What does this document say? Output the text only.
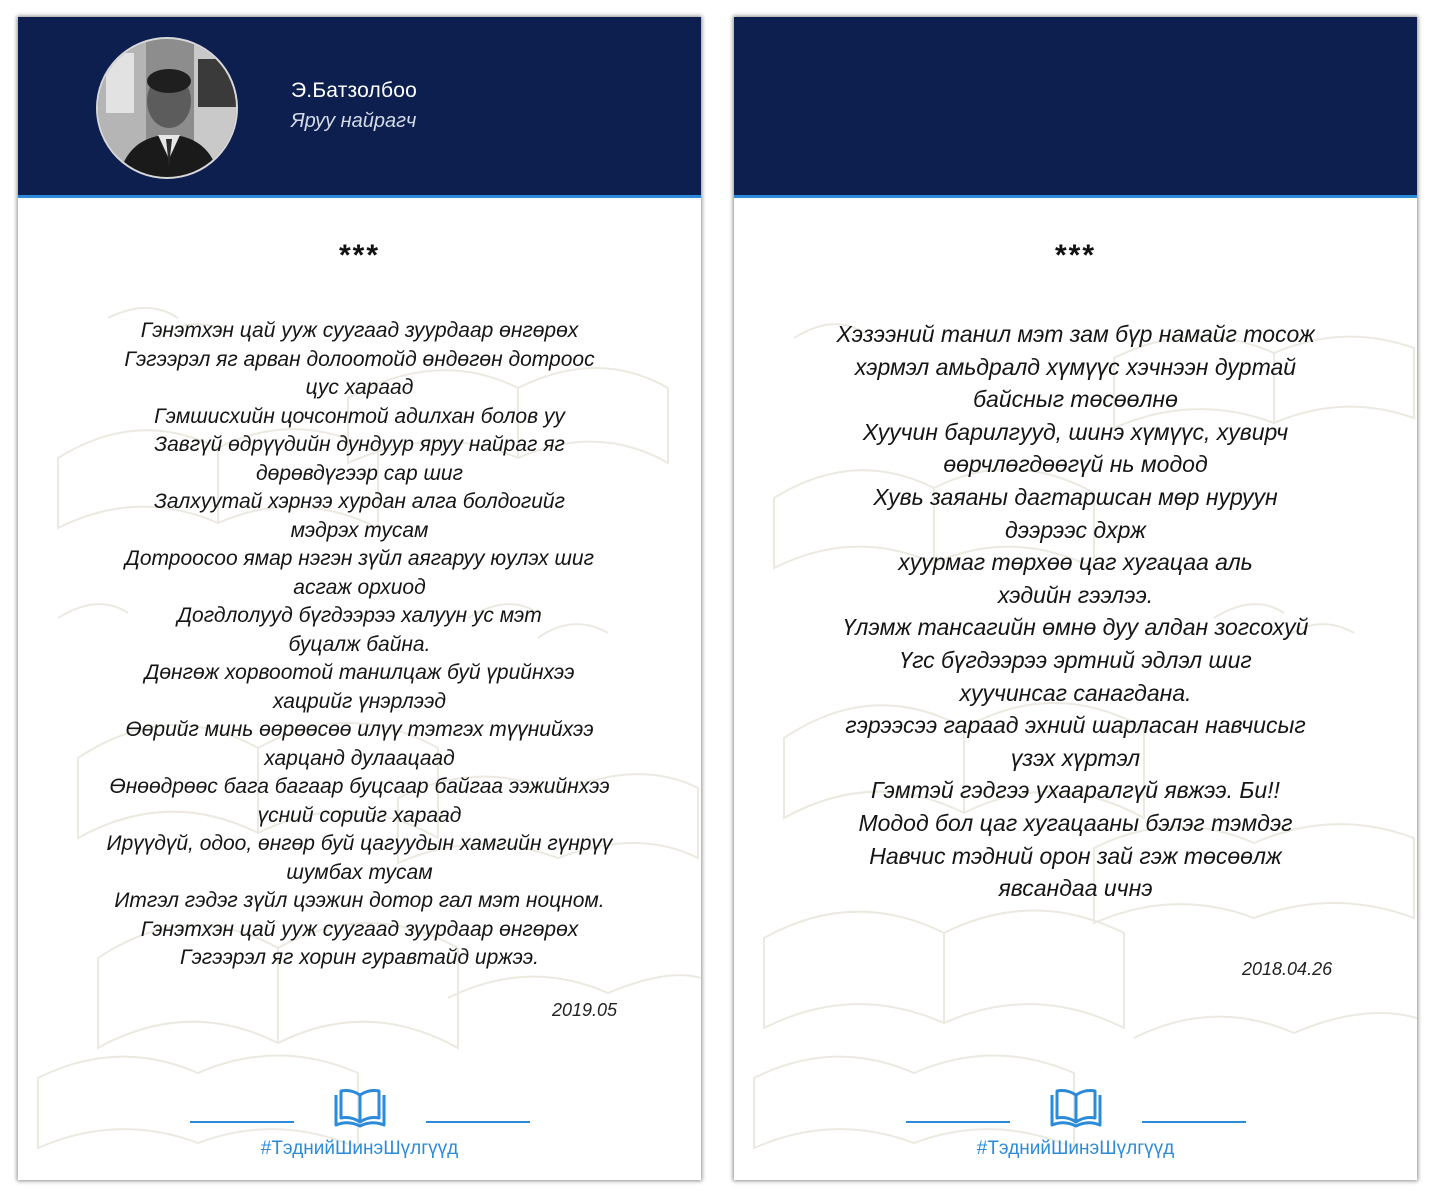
Э.Батзолбоо
Яруу найрагч
***
Гэнэтхэн цай ууж суугаад зуурдаар өнгөрөх
Гэгээрэл яг арван долоотойд өндөгөн дотроос
цус хараад
Гэмшисхийн цочсонтой адилхан болов уу
Завгүй өдрүүдийн дундуур яруу найраг яг
дөрөвдүгээр сар шиг
Залхуутай хэрнээ хурдан алга болдогийг
мэдрэх тусам
Дотроосоо ямар нэгэн зүйл аягаруу юулэх шиг
асгаж орхиод
Догдлолууд бүгдээрээ халуун ус мэт
буцалж байна.
Дөнгөж хорвоотой танилцаж буй үрийнхээ
хацрийг үнэрлээд
Өөрийг минь өөрөөсөө илүү тэтгэх түүнийхээ
харцанд дулаацаад
Өнөөдрөөс бага багаар буцсаар байгаа ээжийнхээ
үсний сорийг хараад
Ирүүдүй, одоо, өнгөр буй цагуудын хамгийн гүнрүү
шумбах тусам
Итгэл гэдэг зүйл цээжин дотор гал мэт ноцном.
Гэнэтхэн цай ууж суугаад зуурдаар өнгөрөх
Гэгээрэл яг хорин гуравтайд иржээ.
2019.05
#ТэднийШинэШүлгүүд
***
Хэзээний танил мэт зам бүр намайг тосож
хэрмэл амьдралд хүмүүс хэчнээн дуртай
байсныг төсөөлнө
Хуучин барилгууд, шинэ хүмүүс, хувирч
өөрчлөгдөөгүй нь модод
Хувь заяаны дагтаршсан мөр нуруун
дээрээс дхрж
хуурмаг төрхөө цаг хугацаа аль
хэдийн гээлээ.
Үлэмж тансагийн өмнө дуу алдан зогсохуй
Үгс бүгдээрээ эртний эдлэл шиг
хуучинсаг санагдана.
гэрээсээ гараад эхний шарласан навчисыг
үзэх хүртэл
Гэмтэй гэдгээ ухааралгүй явжээ. Би!!
Модод бол цаг хугацааны бэлэг тэмдэг
Навчис тэдний орон зай гэж төсөөлж
явсандаа ичнэ
2018.04.26
#ТэднийШинэШүлгүүд
